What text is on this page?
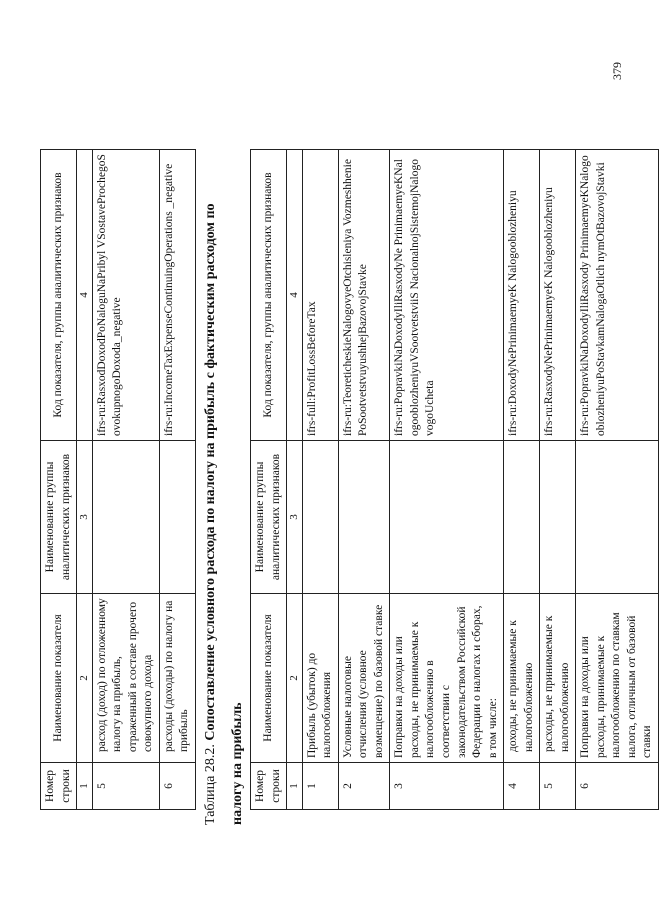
379
Номер строки	Наименование показателя	Наименование группы аналитических признаков	Код показателя, группы аналитических признаков
1	2	3	4
5	расход (доход) по отложенному налогу на прибыль, отраженный в составе прочего совокупного дохода		ifrs-ru:RasxodDoxodPoNaloguNaPribyl VSostaveProchegoSovokupnogoDoxoda_negative
6	расходы (доходы) по налогу на прибыль		ifrs-ru:IncomeTaxExpenseContinuingOperations _negative
Таблица 28.2. Сопоставление условного расхода по налогу на прибыль с фактическим расходом по налогу на прибыль Номер строки	Наименование показателя	Наименование группы аналитических признаков	Код показателя, группы аналитических признаков
1	2	3	4
1	Прибыль (убыток) до налогообложения		ifrs-full:ProfitLossBeforeTax
2	Условные налоговые отчисления (условное возмещение) по базовой ставке		ifrs-ru:TeoreticheskieNalogovyeOtchisleniya VozmeshheniePoSootvetstvuyushhejBazovojStavke
3	Поправки на доходы или расходы, не принимаемые к налогообложению в соответствии с законодательством Российской Федерации о налогах и сборах, в том числе:		ifrs-ru:PopravkiNaDoxodyIliRasxodyNe PrinimaemyeKNalogooblozheniyuVSootvetstviiS NacionalnojSistemojNalogovogoUcheta
4	доходы, не принимаемые к налогообложению		ifrs-ru:DoxodyNePrinimaemyeK Nalogooblozheniyu
5	расходы, не принимаемые к налогообложению		ifrs-ru:RasxodyNePrinimaemyeK Nalogooblozheniyu
6	Поправки на доходы или расходы, принимаемые к налогообложению по ставкам налога, отличным от базовой ставки		ifrs-ru:PopravkiNaDoxodyIliRasxody PrinimaemyeKNalogooblozheniyuPoStavkamNalogaOtlich nymOtBazovojStavki
